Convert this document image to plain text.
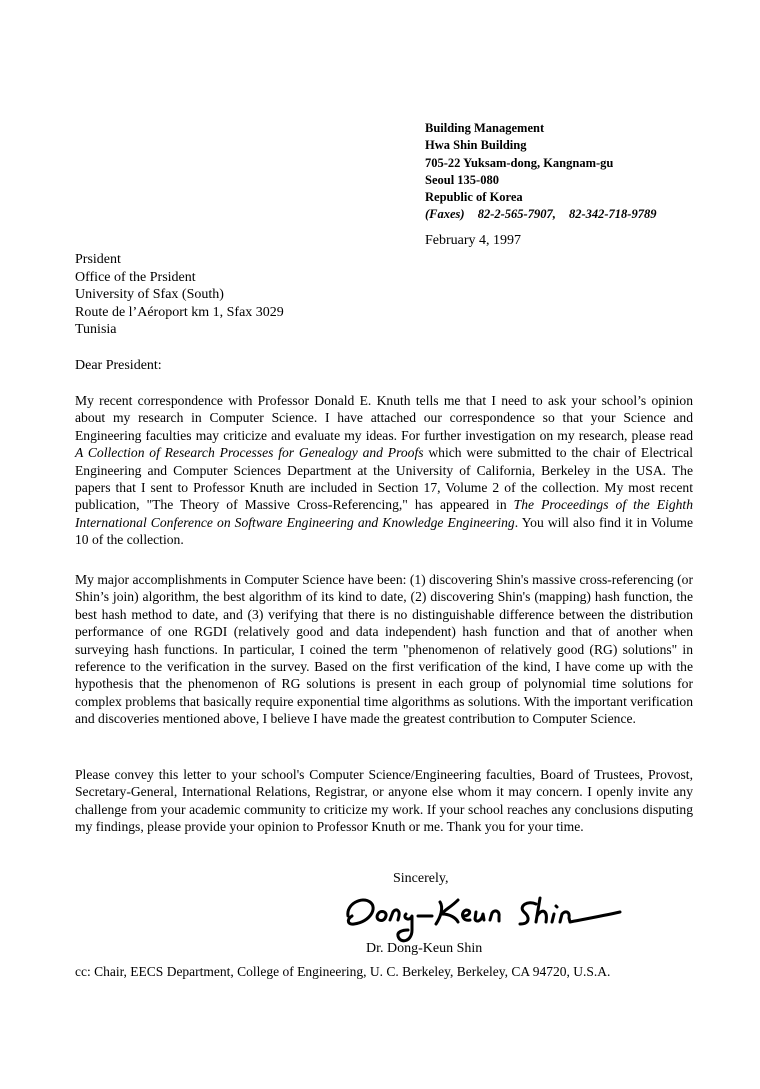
Building Management
Hwa Shin Building
705-22 Yuksam-dong, Kangnam-gu
Seoul 135-080
Republic of Korea
(Faxes) 82-2-565-7907, 82-342-718-9789
February 4, 1997
Prsident
Office of the Prsident
University of Sfax (South)
Route de l’Aéroport km 1, Sfax 3029
Tunisia
Dear President:

My recent correspondence with Professor Donald E. Knuth tells me that I need to ask your school’s opinion about my research in Computer Science. I have attached our correspondence so that your Science and Engineering faculties may criticize and evaluate my ideas. For further investigation on my research, please read A Collection of Research Processes for Genealogy and Proofs which were submitted to the chair of Electrical Engineering and Computer Sciences Department at the University of California, Berkeley in the USA. The papers that I sent to Professor Knuth are included in Section 17, Volume 2 of the collection. My most recent publication, "The Theory of Massive Cross-Referencing," has appeared in The Proceedings of the Eighth International Conference on Software Engineering and Knowledge Engineering. You will also find it in Volume 10 of the collection.

My major accomplishments in Computer Science have been: (1) discovering Shin's massive cross-referencing (or Shin’s join) algorithm, the best algorithm of its kind to date, (2) discovering Shin's (mapping) hash function, the best hash method to date, and (3) verifying that there is no distinguishable difference between the distribution performance of one RGDI (relatively good and data independent) hash function and that of another when surveying hash functions. In particular, I coined the term "phenomenon of relatively good (RG) solutions" in reference to the verification in the survey. Based on the first verification of the kind, I have come up with the hypothesis that the phenomenon of RG solutions is present in each group of polynomial time solutions for complex problems that basically require exponential time algorithms as solutions. With the important verification and discoveries mentioned above, I believe I have made the greatest contribution to Computer Science.

Please convey this letter to your school's Computer Science/Engineering faculties, Board of Trustees, Provost, Secretary-General, International Relations, Registrar, or anyone else whom it may concern. I openly invite any challenge from your academic community to criticize my work. If your school reaches any conclusions disputing my findings, please provide your opinion to Professor Knuth or me. Thank you for your time.

Sincerely,
Dr. Dong-Keun Shin
cc: Chair, EECS Department, College of Engineering, U. C. Berkeley, Berkeley, CA 94720, U.S.A.
